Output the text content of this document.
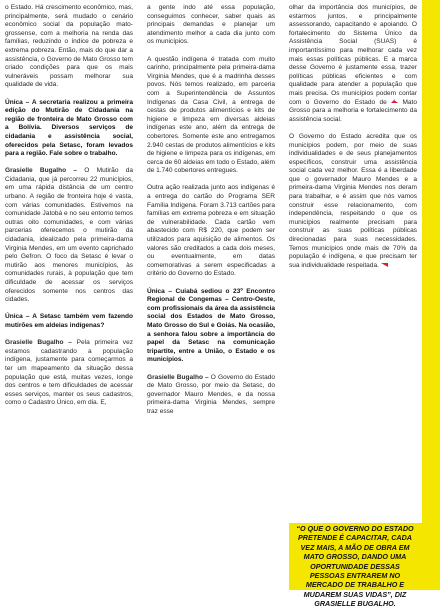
o Estado. Há crescimento econômico, mas, principalmente, será mudado o cenário econômico social da população mato-grossense, com a melhoria na renda das famílias, reduzindo o índice de pobreza e extrema pobreza. Então, mais do que dar a assistência, o Governo de Mato Grosso tem criado condições para que os mais vulneráveis possam melhorar sua qualidade de vida.

Única – A secretaria realizou a primeira edição do Mutirão de Cidadania na região de fronteira de Mato Grosso com a Bolívia. Diversos serviços de cidadania e assistência social, oferecidos pela Setasc, foram levados para a região. Fale sobre o trabalho.

Grasielle Bugalho – O Mutirão da Cidadania, que já percorreu 22 municípios, em uma rápida distância de um centro urbano. A região de fronteira hoje é vasta, com várias comunidades. Estivemos na comunidade Jatobá e no seu entorno temos outras oito comunidades, e com várias parcerias oferecemos o mutirão da cidadania, idealizado pela primeira-dama Virginia Mendes, em um evento caprichado pelo Gefron. O foco da Setasc é levar o mutirão aos menores municípios, às comunidades rurais, à população que tem dificuldade de acessar os serviços oferecidos somente nos centros das cidades.

Única – A Setasc também vem fazendo mutirões em aldeias indígenas?

Grasielle Bugalho – Pela primeira vez estamos cadastrando a população indígena, justamente para começarmos a ter um mapeamento da situação dessa população que está, muitas vezes, longe dos centros e tem dificuldades de acessar esses serviços, manter os seus cadastros, como o Cadastro Único, em dia. E,

a gente indo até essa população, conseguimos conhecer, saber quais as principais demandas e planejar um atendimento melhor a cada dia junto com os municípios.

A questão indígena é tratada com muito carinho, principalmente pela primeira-dama Virginia Mendes, que é a madrinha desses povos. Nós temos realizado, em parceria com a Superintendência de Assuntos Indígenas da Casa Civil, a entrega de cestas de produtos alimentícios e kits de higiene e limpeza em diversas aldeias indígenas este ano, além da entrega de cobertores. Somente este ano entregamos 2.940 cestas de produtos alimentícios e kits de higiene e limpeza para os indígenas, em cerca de 60 aldeias em todo o Estado, além de 1.740 cobertores entregues.

Outra ação realizada junto aos indígenas é a entrega do cartão do Programa SER Família Indígena. Foram 3.713 cartões para famílias em extrema pobreza e em situação de vulnerabilidade. Cada cartão vem abastecido com R$ 220, que podem ser utilizados para aquisição de alimentos. Os valores são creditados a cada dois meses, ou eventualmente, em datas comemorativas a serem especificadas a critério do Governo do Estado.

Única – Cuiabá sediou o 23º Encontro Regional de Congemas – Centro-Oeste, com profissionais da área da assistência social dos Estados de Mato Grosso, Mato Grosso do Sul e Goiás. Na ocasião, a senhora falou sobre a importância do papel da Setasc na comunicação tripartite, entre a União, o Estado e os municípios.

Grasielle Bugalho – O Governo do Estado de Mato Grosso, por meio da Setasc, do governador Mauro Mendes, e da nossa primeira-dama Virginia Mendes, sempre traz esse

olhar da importância dos municípios, de estarmos juntos, e principalmente assessorando, capacitando e apoiando. O fortalecimento do Sistema Único da Assistência Social (SUAS) é importantíssimo para melhorar cada vez mais essas políticas públicas. E a marca desse Governo é justamente essa, trazer políticas públicas eficientes e com qualidade para atender a população que mais precisa. Os municípios podem contar com o Governo do Estado de Mato Grosso para a melhoria e fortalecimento da assistência social.

O Governo do Estado acredita que os municípios podem, por meio de suas individualidades e de seus planejamentos específicos, construir uma assistência social cada vez melhor. Essa é a liberdade que o governador Mauro Mendes e a primeira-dama Virginia Mendes nos deram para trabalhar, e é assim que nós vamos construir esse relacionamento, com independência, respeitando o que os municípios realmente precisam para construir as suas políticas públicas direcionadas para suas necessidades. Temos municípios onde mais de 70% da população é indígena, e que precisam ter sua individualidade respeitada.

“O QUE O GOVERNO DO ESTADO PRETENDE É CAPACITAR, CADA VEZ MAIS, A MÃO DE OBRA EM MATO GROSSO, DANDO UMA OPORTUNIDADE DESSAS PESSOAS ENTRAREM NO MERCADO DE TRABALHO E MUDAREM SUAS VIDAS”, DIZ GRASIELLE BUGALHO.
